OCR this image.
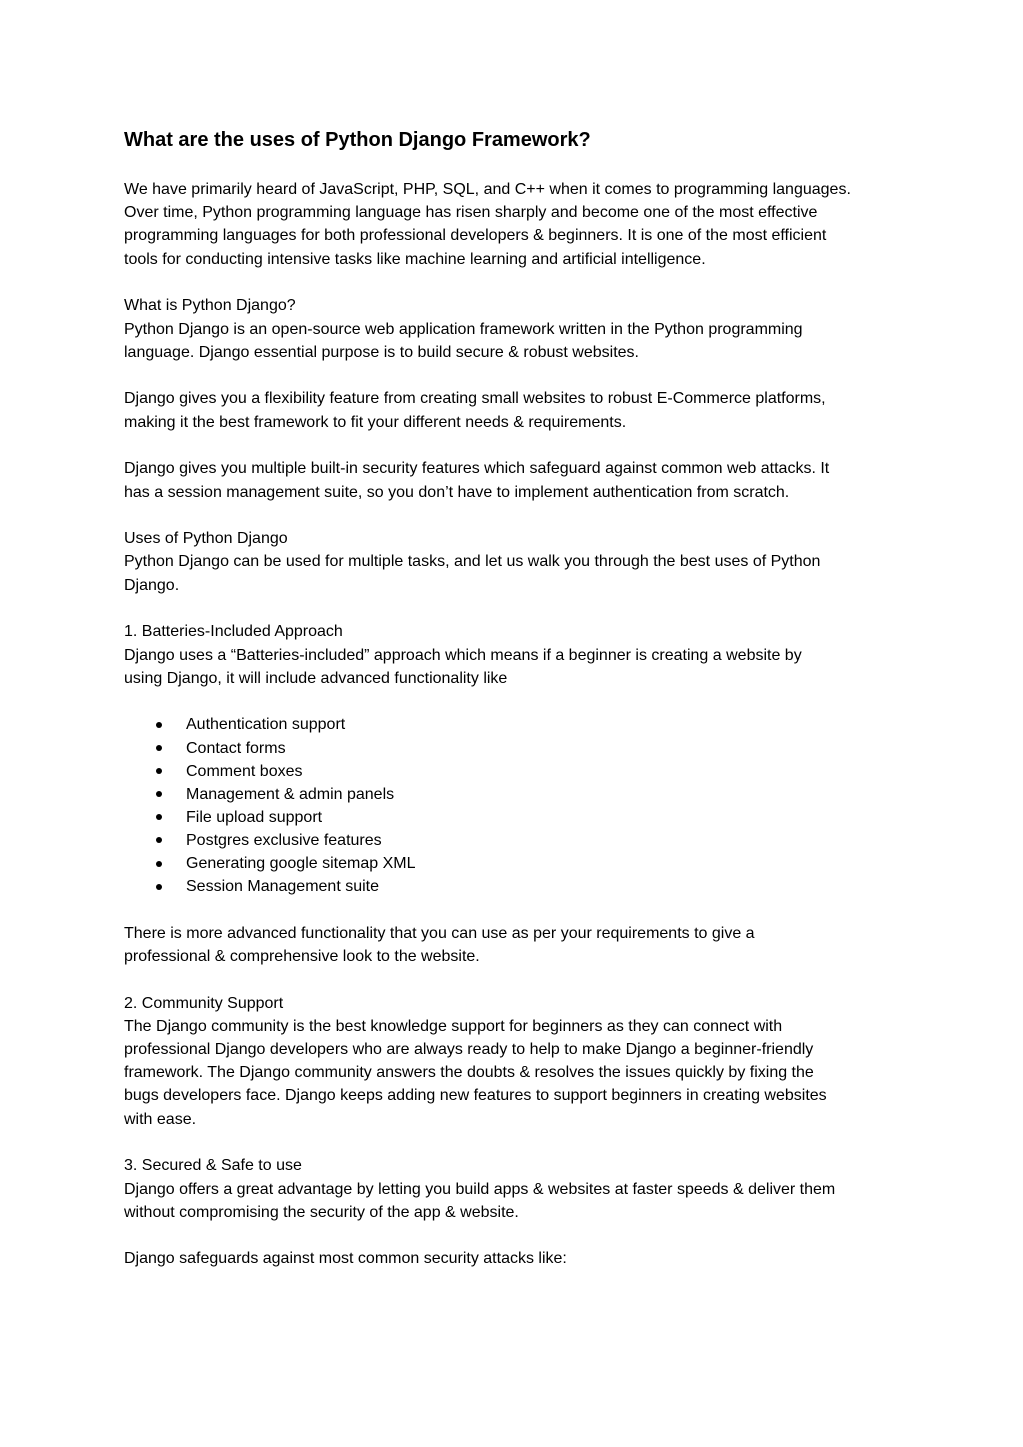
What are the uses of Python Django Framework?
We have primarily heard of JavaScript, PHP, SQL, and C++ when it comes to programming languages.
Over time, Python programming language has risen sharply and become one of the most effective
programming languages for both professional developers & beginners. It is one of the most efficient
tools for conducting intensive tasks like machine learning and artificial intelligence.
What is Python Django?
Python Django is an open-source web application framework written in the Python programming
language. Django essential purpose is to build secure & robust websites.
Django gives you a flexibility feature from creating small websites to robust E-Commerce platforms,
making it the best framework to fit your different needs & requirements.
Django gives you multiple built-in security features which safeguard against common web attacks. It
has a session management suite, so you don’t have to implement authentication from scratch.
Uses of Python Django
Python Django can be used for multiple tasks, and let us walk you through the best uses of Python
Django.
1. Batteries-Included Approach
Django uses a “Batteries-included” approach which means if a beginner is creating a website by
using Django, it will include advanced functionality like
Authentication support
Contact forms
Comment boxes
Management & admin panels
File upload support
Postgres exclusive features
Generating google sitemap XML
Session Management suite
There is more advanced functionality that you can use as per your requirements to give a
professional & comprehensive look to the website.
2. Community Support
The Django community is the best knowledge support for beginners as they can connect with
professional Django developers who are always ready to help to make Django a beginner-friendly
framework. The Django community answers the doubts & resolves the issues quickly by fixing the
bugs developers face. Django keeps adding new features to support beginners in creating websites
with ease.
3. Secured & Safe to use
Django offers a great advantage by letting you build apps & websites at faster speeds & deliver them
without compromising the security of the app & website.
Django safeguards against most common security attacks like:
